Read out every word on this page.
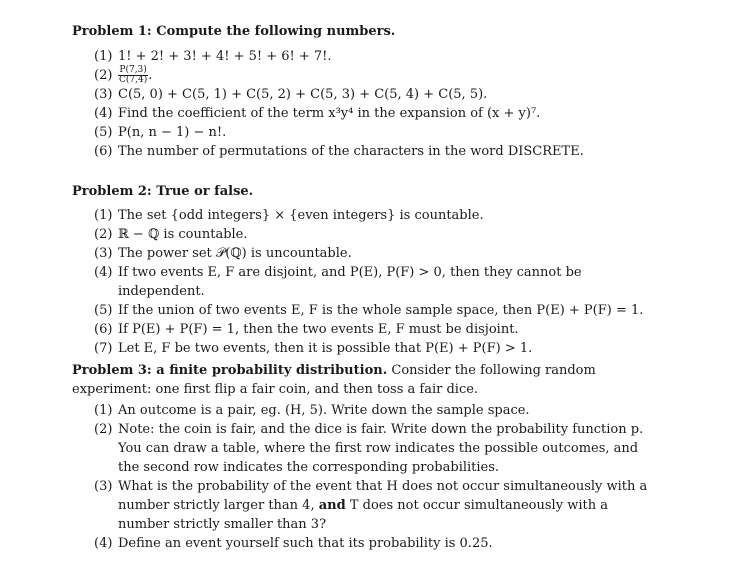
Problem 1: Compute the following numbers.
(1) 1! + 2! + 3! + 4! + 5! + 6! + 7!.
$(2) \frac{P(7,3)}{C(7,4)}$ .
(3) C(5, 0) + C(5, 1) + C(5, 2) + C(5, 3) + C(5, 4) + C(5, 5).
(4) Find the coefficient of the term x³y⁴ in the expansion of (x + y)⁷.
(5) P(n, n − 1) − n!.
(6) The number of permutations of the characters in the word DISCRETE.
Problem 2: True or false.
(1) The set {odd integers} × {even integers} is countable.
(2) ℝ − ℚ is countable.
(3) The power set 𝒫(ℚ) is uncountable.
(4) If two events E, F are disjoint, and P(E), P(F) > 0, then they cannot be independent.
(5) If the union of two events E, F is the whole sample space, then P(E) + P(F) = 1.
(6) If P(E) + P(F) = 1, then the two events E, F must be disjoint.
(7) Let E, F be two events, then it is possible that P(E) + P(F) > 1.

Problem 3: a finite probability distribution. Consider the following random experiment: one first flip a fair coin, and then toss a fair dice.

(1) An outcome is a pair, eg. (H, 5). Write down the sample space.
(2) Note: the coin is fair, and the dice is fair. Write down the probability function p. You can draw a table, where the first row indicates the possible outcomes, and the second row indicates the corresponding probabilities.
(3) What is the probability of the event that H does not occur simultaneously with a number strictly larger than 4, and T does not occur simultaneously with a number strictly smaller than 3?
(4) Define an event yourself such that its probability is 0.25.
